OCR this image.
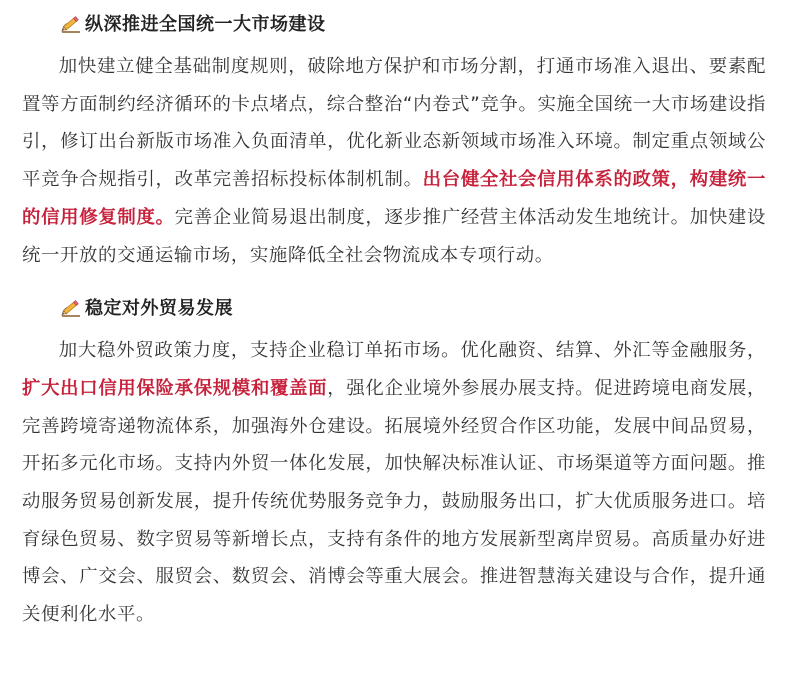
纵深推进全国统一大市场建设

加快建立健全基础制度规则，破除地方保护和市场分割，打通市场准入退出、要素配置等方面制约经济循环的卡点堵点，综合整治“内卷式”竞争。实施全国统一大市场建设指引，修订出台新版市场准入负面清单，优化新业态新领域市场准入环境。制定重点领域公平竞争合规指引，改革完善招标投标体制机制。出台健全社会信用体系的政策，构建统一的信用修复制度。完善企业简易退出制度，逐步推广经营主体活动发生地统计。加快建设统一开放的交通运输市场，实施降低全社会物流成本专项行动。

稳定对外贸易发展

加大稳外贸政策力度，支持企业稳订单拓市场。优化融资、结算、外汇等金融服务，扩大出口信用保险承保规模和覆盖面，强化企业境外参展办展支持。促进跨境电商发展，完善跨境寄递物流体系，加强海外仓建设。拓展境外经贸合作区功能，发展中间品贸易，开拓多元化市场。支持内外贸一体化发展，加快解决标准认证、市场渠道等方面问题。推动服务贸易创新发展，提升传统优势服务竞争力，鼓励服务出口，扩大优质服务进口。培育绿色贸易、数字贸易等新增长点，支持有条件的地方发展新型离岸贸易。高质量办好进博会、广交会、服贸会、数贸会、消博会等重大展会。推进智慧海关建设与合作，提升通关便利化水平。
